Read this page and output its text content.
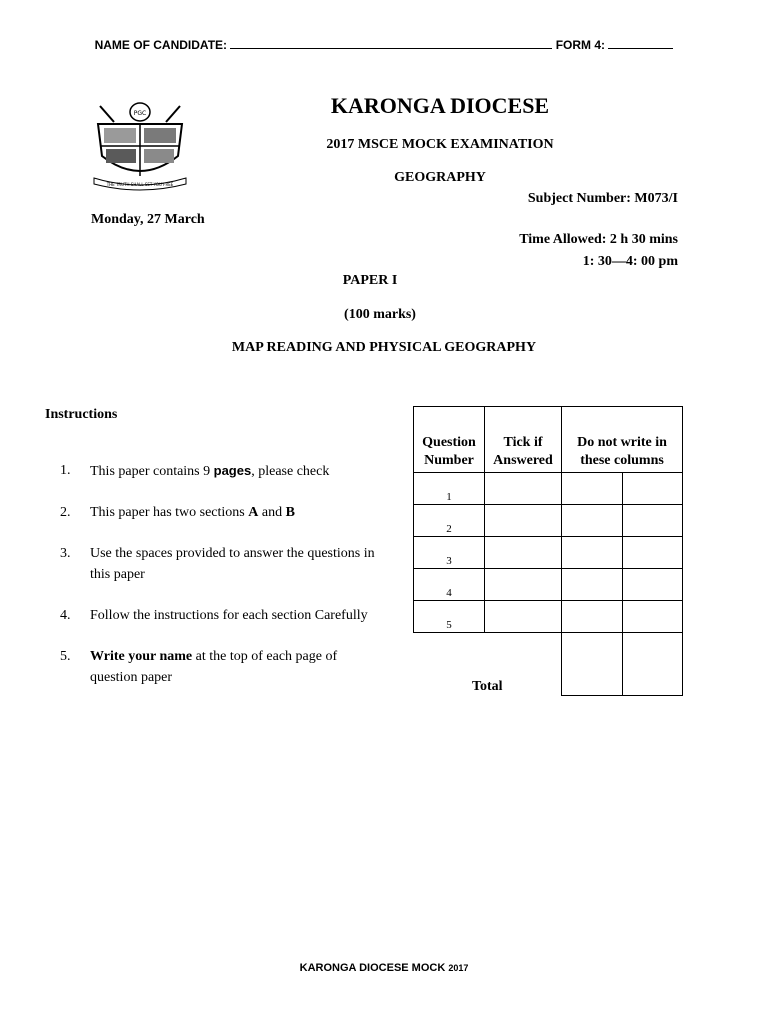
NAME OF CANDIDATE:	FORM 4:
PGC
THE TRUTH SHALL SET YOU FREE
KARONGA DIOCESE
2017 MSCE MOCK EXAMINATION
GEOGRAPHY
Subject Number: M073/I
Monday, 27 March
Time Allowed: 2 h 30 mins
1: 30—4: 00 pm
PAPER I
(100 marks)
MAP READING AND PHYSICAL GEOGRAPHY
Instructions
1.	This paper contains 9 pages, please check
2.	This paper has two sections A and B
3.	Use the spaces provided to answer the questions in this paper
4.	Follow the instructions for each section Carefully
5.	Write your name at the top of each page of question paper
Question Number	Tick if Answered	Do not write in these columns	
1			
2			
3			
4			
5			
Total			
KARONGA DIOCESE MOCK 2017
